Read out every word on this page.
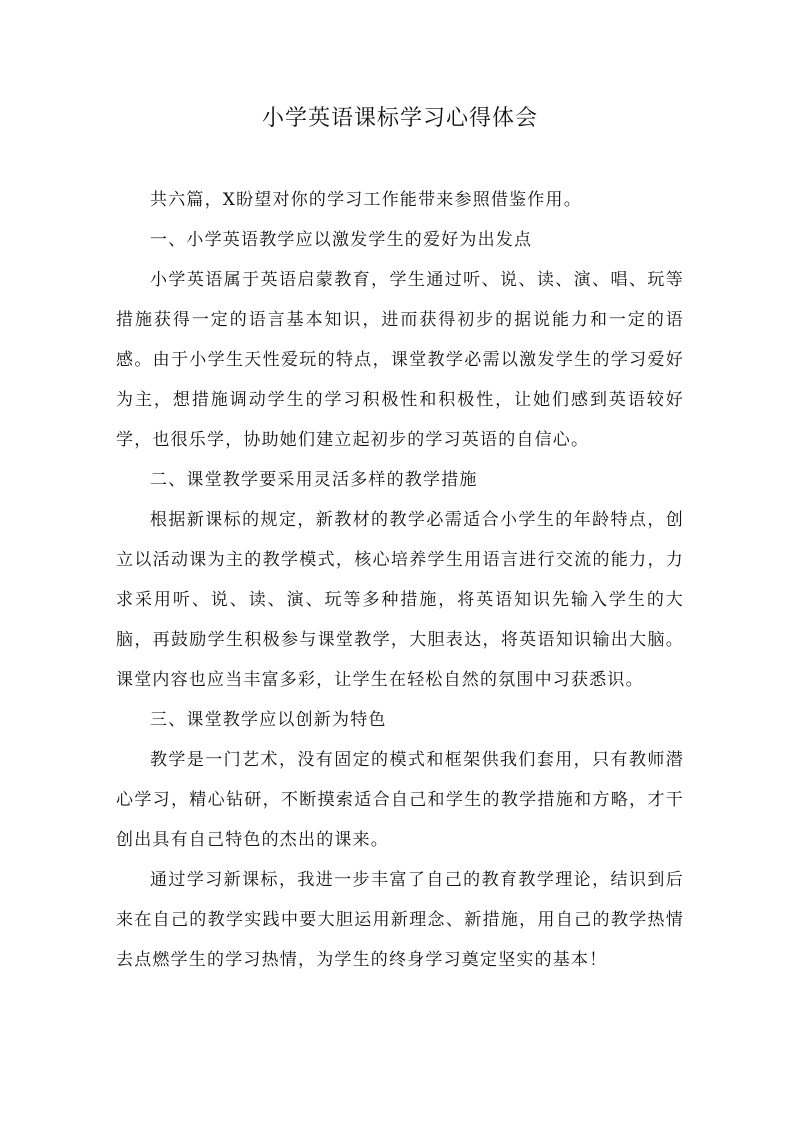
小学英语课标学习心得体会

共六篇，X盼望对你的学习工作能带来参照借鉴作用。

一、小学英语教学应以激发学生的爱好为出发点

小学英语属于英语启蒙教育，学生通过听、说、读、演、唱、玩等措施获得一定的语言基本知识，进而获得初步的据说能力和一定的语感。由于小学生天性爱玩的特点，课堂教学必需以激发学生的学习爱好为主，想措施调动学生的学习积极性和积极性，让她们感到英语较好学，也很乐学，协助她们建立起初步的学习英语的自信心。

二、课堂教学要采用灵活多样的教学措施

根据新课标的规定，新教材的教学必需适合小学生的年龄特点，创立以活动课为主的教学模式，核心培养学生用语言进行交流的能力，力求采用听、说、读、演、玩等多种措施，将英语知识先输入学生的大脑，再鼓励学生积极参与课堂教学，大胆表达，将英语知识输出大脑。课堂内容也应当丰富多彩，让学生在轻松自然的氛围中习获悉识。

三、课堂教学应以创新为特色

教学是一门艺术，没有固定的模式和框架供我们套用，只有教师潜心学习，精心钻研，不断摸索适合自己和学生的教学措施和方略，才干创出具有自己特色的杰出的课来。

通过学习新课标，我进一步丰富了自己的教育教学理论，结识到后来在自己的教学实践中要大胆运用新理念、新措施，用自己的教学热情去点燃学生的学习热情，为学生的终身学习奠定坚实的基本！
